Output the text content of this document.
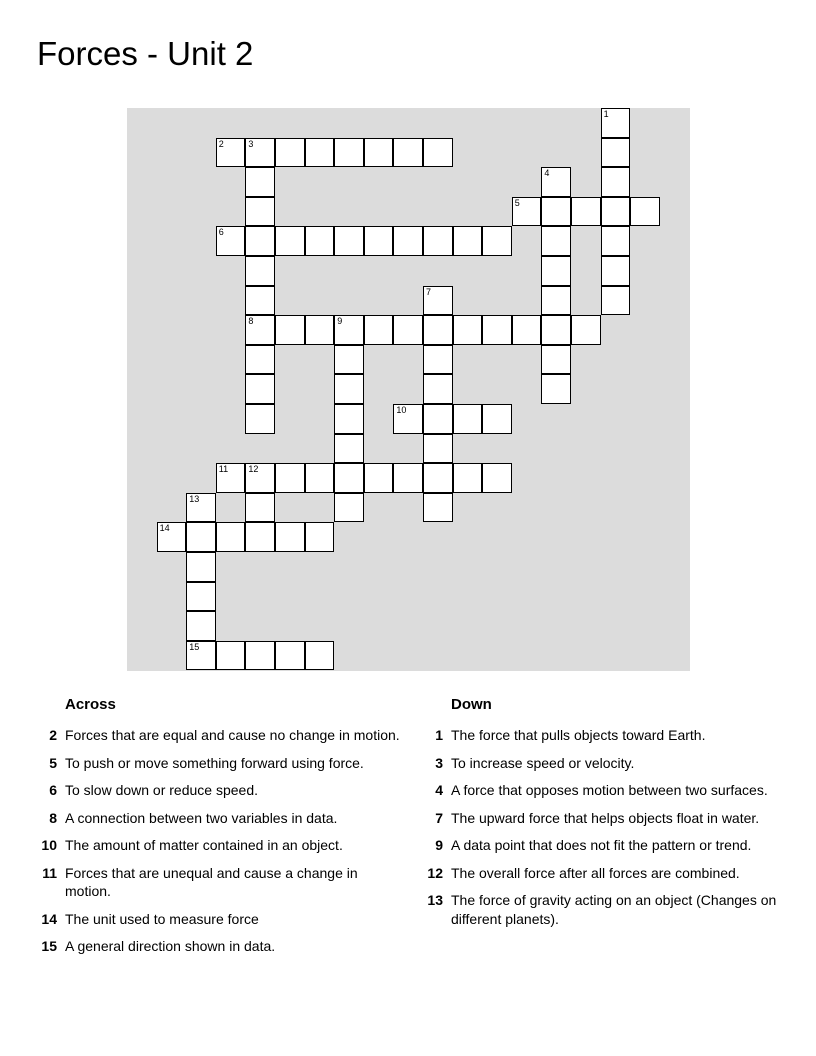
Forces - Unit 2
1
2	3
4
5
6
7
8	9
10
11 12
13
14
15
Across
2 Forces that are equal and cause no change in motion.
5 To push or move something forward using force.
6 To slow down or reduce speed.
8 A connection between two variables in data.
10 The amount of matter contained in an object.
11 Forces that are unequal and cause a change in motion.
14 The unit used to measure force
15 A general direction shown in data.
Down
1 The force that pulls objects toward Earth.
3 To increase speed or velocity.
4 A force that opposes motion between two surfaces.
7 The upward force that helps objects float in water.
9 A data point that does not fit the pattern or trend.
12 The overall force after all forces are combined.
13 The force of gravity acting on an object (Changes on different planets).
